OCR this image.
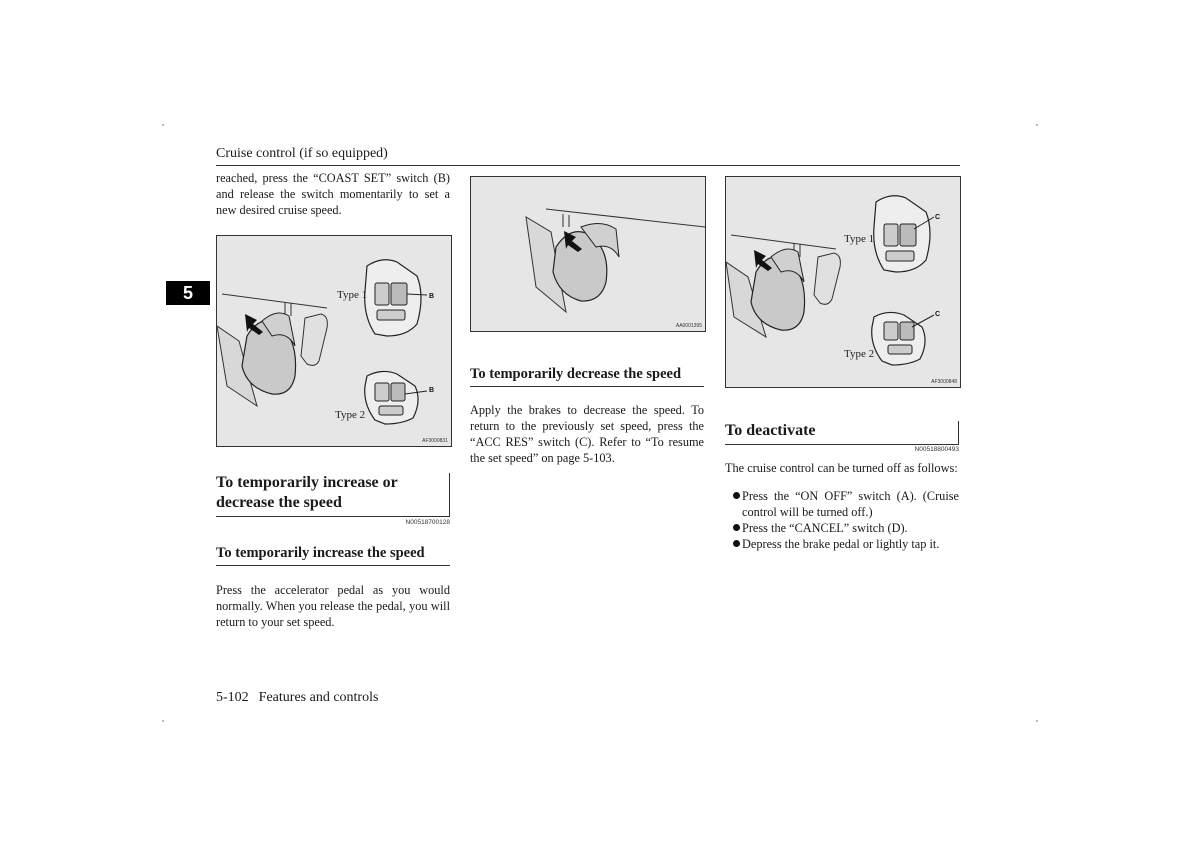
Cruise control (if so equipped)
5

reached, press the “COAST SET” switch (B) and release the switch momentarily to set a new desired cruise speed.

Type 1	B
Type 2
B
AF3000831
To temporarily increase or decrease the speed
N00518700128
To temporarily increase the speed

Press the accelerator pedal as you would normally. When you release the pedal, you will return to your set speed.

AA0001395
To temporarily decrease the speed

Apply the brakes to decrease the speed. To return to the previously set speed, press the “ACC RES” switch (C). Refer to “To resume the set speed” on page 5-103.

Type 1
C
Type 2
C
AF3000848
To deactivate
N00518800493

The cruise control can be turned off as follows:

Press the “ON OFF” switch (A). (Cruise control will be turned off.)
Press the “CANCEL” switch (D).
Depress the brake pedal or lightly tap it.
5-102 Features and controls
